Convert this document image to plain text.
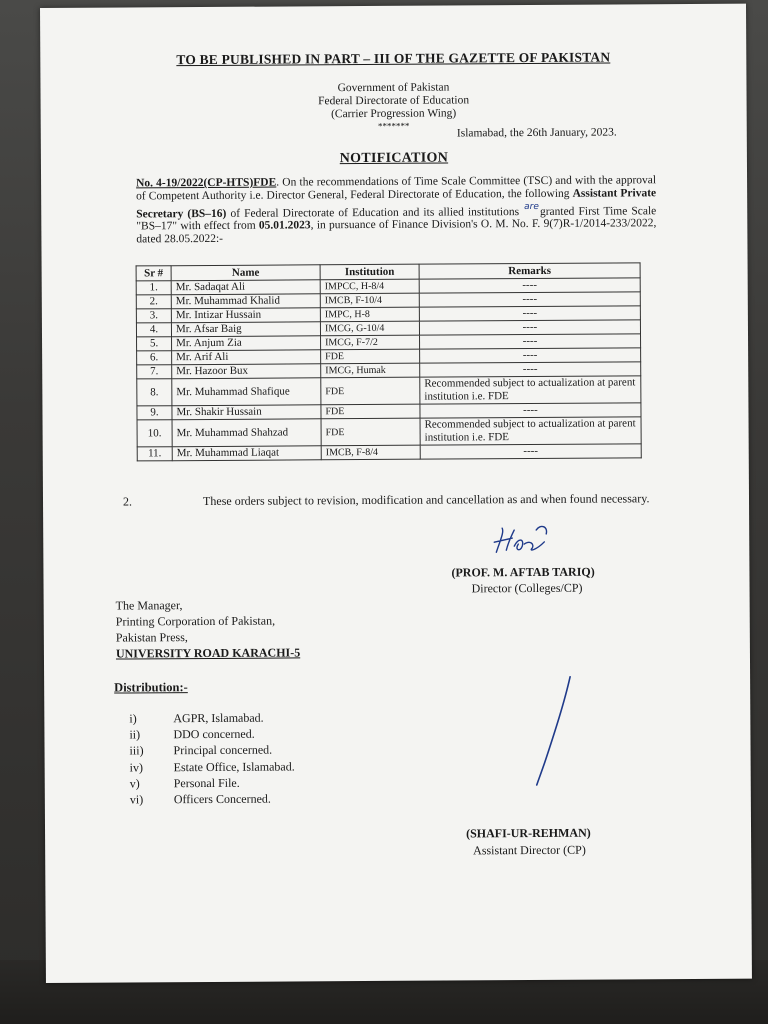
TO BE PUBLISHED IN PART – III OF THE GAZETTE OF PAKISTAN
Government of Pakistan
Federal Directorate of Education
(Carrier Progression Wing)
*******
Islamabad, the 26th January, 2023.
NOTIFICATION
No. 4-19/2022(CP-HTS)FDE. On the recommendations of Time Scale Committee (TSC) and with the approval of Competent Authority i.e. Director General, Federal Directorate of Education, the following Assistant Private Secretary (BS–16) of Federal Directorate of Education and its allied institutions $^{are}$granted First Time Scale "BS–17" with effect from 05.01.2023, in pursuance of Finance Division's O. M. No. F. 9(7)R-1/2014-233/2022, dated 28.05.2022:-
Sr #	Name	Institution	Remarks
1.	Mr. Sadaqat Ali	IMPCC, H-8/4	----
2.	Mr. Muhammad Khalid	IMCB, F-10/4	----
3.	Mr. Intizar Hussain	IMPC, H-8	----
4.	Mr. Afsar Baig	IMCG, G-10/4	----
5.	Mr. Anjum Zia	IMCG, F-7/2	----
6.	Mr. Arif Ali	FDE	----
7.	Mr. Hazoor Bux	IMCG, Humak	----
8.	Mr. Muhammad Shafique	FDE	Recommended subject to actualization at parent institution i.e. FDE
9.	Mr. Shakir Hussain	FDE	----
10.	Mr. Muhammad Shahzad	FDE	Recommended subject to actualization at parent institution i.e. FDE
11.	Mr. Muhammad Liaqat	IMCB, F-8/4	----
2.	These orders subject to revision, modification and cancellation as and when found necessary.
(PROF. M. AFTAB TARIQ)
Director (Colleges/CP)
The Manager,
Printing Corporation of Pakistan,
Pakistan Press,
UNIVERSITY ROAD KARACHI-5
Distribution:-
i)	AGPR, Islamabad.
ii)	DDO concerned.
iii)	Principal concerned.
iv)	Estate Office, Islamabad.
v)	Personal File.
vi)	Officers Concerned.
(SHAFI-UR-REHMAN)
Assistant Director (CP)
